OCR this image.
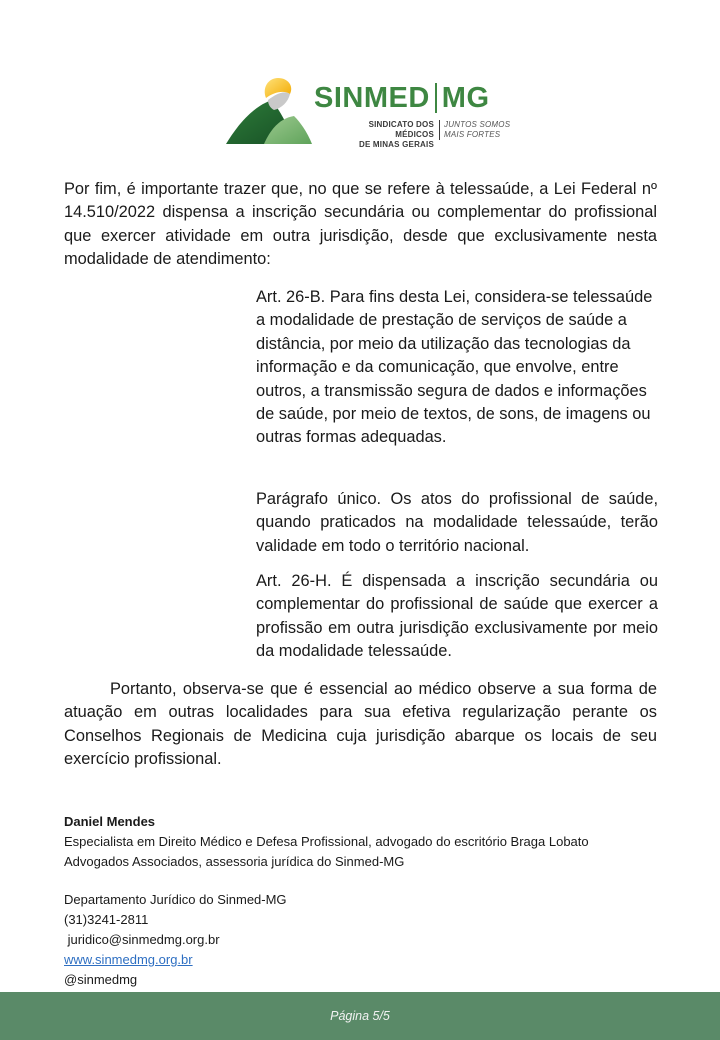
SINMED MG
SINDICATO DOS MÉDICOS
DE MINAS GERAIS
JUNTOS SOMOS
MAIS FORTES

Por fim, é importante trazer que, no que se refere à telessaúde, a Lei Federal nº 14.510/2022 dispensa a inscrição secundária ou complementar do profissional que exercer atividade em outra jurisdição, desde que exclusivamente nesta modalidade de atendimento:

Art. 26-B. Para fins desta Lei, considera-se telessaúde a modalidade de prestação de serviços de saúde a distância, por meio da utilização das tecnologias da informação e da comunicação, que envolve, entre outros, a transmissão segura de dados e informações de saúde, por meio de textos, de sons, de imagens ou outras formas adequadas.

Parágrafo único. Os atos do profissional de saúde, quando praticados na modalidade telessaúde, terão validade em todo o território nacional.

Art. 26-H. É dispensada a inscrição secundária ou complementar do profissional de saúde que exercer a profissão em outra jurisdição exclusivamente por meio da modalidade telessaúde.

Portanto, observa-se que é essencial ao médico observe a sua forma de atuação em outras localidades para sua efetiva regularização perante os Conselhos Regionais de Medicina cuja jurisdição abarque os locais de seu exercício profissional.

Daniel Mendes
Especialista em Direito Médico e Defesa Profissional, advogado do escritório Braga Lobato
Advogados Associados, assessoria jurídica do Sinmed-MG
Departamento Jurídico do Sinmed-MG
(31)3241-2811
juridico@sinmedmg.org.br
www.sinmedmg.org.br
@sinmedmg
Página 5/5
